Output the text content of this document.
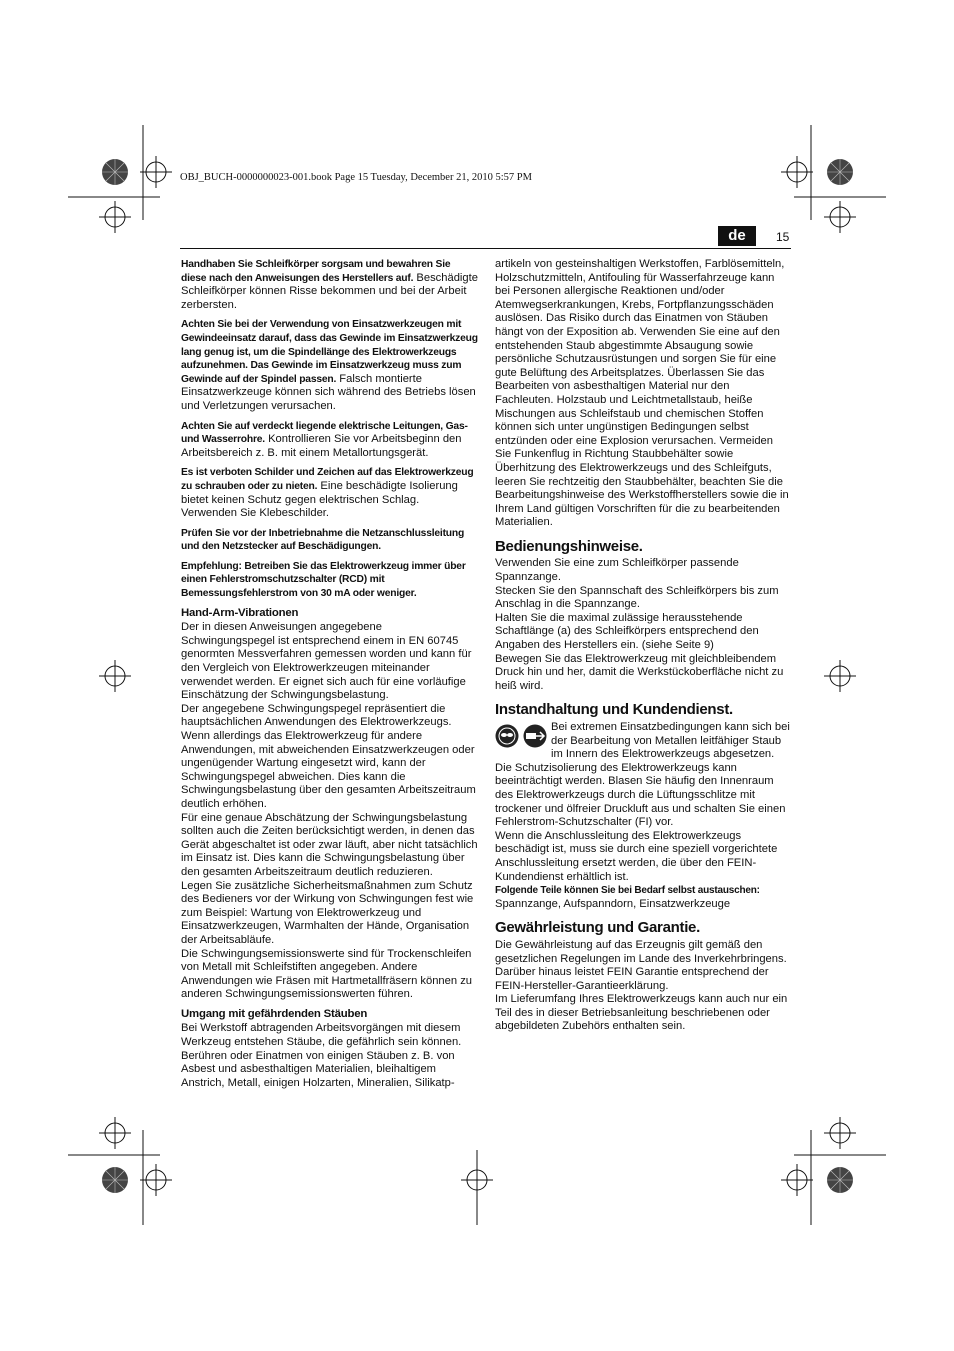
OBJ_BUCH-0000000023-001.book Page 15 Tuesday, December 21, 2010 5:57 PM
de	15

Handhaben Sie Schleifkörper sorgsam und bewahren Sie diese nach den Anweisungen des Herstellers auf. Beschädigte Schleifkörper können Risse bekommen und bei der Arbeit zerbersten.

Achten Sie bei der Verwendung von Einsatzwerkzeugen mit Gewindeeinsatz darauf, dass das Gewinde im Einsatzwerkzeug lang genug ist, um die Spindellänge des Elektrowerkzeugs aufzunehmen. Das Gewinde im Einsatzwerkzeug muss zum Gewinde auf der Spindel passen. Falsch montierte Einsatzwerkzeuge können sich während des Betriebs lösen und Verletzungen verursachen.

Achten Sie auf verdeckt liegende elektrische Leitungen, Gas- und Wasserrohre. Kontrollieren Sie vor Arbeitsbeginn den Arbeitsbereich z. B. mit einem Metallortungsgerät.

Es ist verboten Schilder und Zeichen auf das Elektrowerkzeug zu schrauben oder zu nieten. Eine beschädigte Isolierung bietet keinen Schutz gegen elektrischen Schlag. Verwenden Sie Klebeschilder.

Prüfen Sie vor der Inbetriebnahme die Netzanschlussleitung und den Netzstecker auf Beschädigungen.

Empfehlung: Betreiben Sie das Elektrowerkzeug immer über einen Fehlerstromschutzschalter (RCD) mit Bemessungsfehlerstrom von 30 mA oder weniger.

Hand-Arm-Vibrationen

Der in diesen Anweisungen angegebene Schwingungspegel ist entsprechend einem in EN 60745 genormten Messverfahren gemessen worden und kann für den Vergleich von Elektrowerkzeugen miteinander verwendet werden. Er eignet sich auch für eine vorläufige Einschätzung der Schwingungsbelastung.

Der angegebene Schwingungspegel repräsentiert die hauptsächlichen Anwendungen des Elektrowerkzeugs. Wenn allerdings das Elektrowerkzeug für andere Anwendungen, mit abweichenden Einsatzwerkzeugen oder ungenügender Wartung eingesetzt wird, kann der Schwingungspegel abweichen. Dies kann die Schwingungsbelastung über den gesamten Arbeitszeitraum deutlich erhöhen.

Für eine genaue Abschätzung der Schwingungsbelastung sollten auch die Zeiten berücksichtigt werden, in denen das Gerät abgeschaltet ist oder zwar läuft, aber nicht tatsächlich im Einsatz ist. Dies kann die Schwingungsbelastung über den gesamten Arbeitszeitraum deutlich reduzieren.

Legen Sie zusätzliche Sicherheitsmaßnahmen zum Schutz des Bedieners vor der Wirkung von Schwingungen fest wie zum Beispiel: Wartung von Elektrowerkzeug und Einsatzwerkzeugen, Warmhalten der Hände, Organisation der Arbeitsabläufe.

Die Schwingungsemissionswerte sind für Trockenschleifen von Metall mit Schleifstiften angegeben. Andere Anwendungen wie Fräsen mit Hartmetallfräsern können zu anderen Schwingungsemissionswerten führen.

Umgang mit gefährdenden Stäuben

Bei Werkstoff abtragenden Arbeitsvorgängen mit diesem Werkzeug entstehen Stäube, die gefährlich sein können. Berühren oder Einatmen von einigen Stäuben z. B. von Asbest und asbesthaltigen Materialien, bleihaltigem Anstrich, Metall, einigen Holzarten, Mineralien, Silikatp-

artikeln von gesteinshaltigen Werkstoffen, Farblösemitteln, Holzschutzmitteln, Antifouling für Wasserfahrzeuge kann bei Personen allergische Reaktionen und/oder Atemwegserkrankungen, Krebs, Fortpflanzungsschäden auslösen. Das Risiko durch das Einatmen von Stäuben hängt von der Exposition ab. Verwenden Sie eine auf den entstehenden Staub abgestimmte Absaugung sowie persönliche Schutzausrüstungen und sorgen Sie für eine gute Belüftung des Arbeitsplatzes. Überlassen Sie das Bearbeiten von asbesthaltigen Material nur den Fachleuten. Holzstaub und Leichtmetallstaub, heiße Mischungen aus Schleifstaub und chemischen Stoffen können sich unter ungünstigen Bedingungen selbst entzünden oder eine Explosion verursachen. Vermeiden Sie Funkenflug in Richtung Staubbehälter sowie Überhitzung des Elektrowerkzeugs und des Schleifguts, leeren Sie rechtzeitig den Staubbehälter, beachten Sie die Bearbeitungshinweise des Werkstoffherstellers sowie die in Ihrem Land gültigen Vorschriften für die zu bearbeitenden Materialien.

Bedienungshinweise.

Verwenden Sie eine zum Schleifkörper passende Spannzange.

Stecken Sie den Spannschaft des Schleifkörpers bis zum Anschlag in die Spannzange.

Halten Sie die maximal zulässige herausstehende Schaftlänge (a) des Schleifkörpers entsprechend den Angaben des Herstellers ein. (siehe Seite 9)

Bewegen Sie das Elektrowerkzeug mit gleichbleibendem Druck hin und her, damit die Werkstückoberfläche nicht zu heiß wird.

Instandhaltung und Kundendienst.

Bei extremen Einsatzbedingungen kann sich bei der Bearbeitung von Metallen leitfähiger Staub im Innern des Elektrowerkzeugs abgesetzen. Die Schutzisolierung des Elektrowerkzeugs kann beeinträchtigt werden. Blasen Sie häufig den Innenraum des Elektrowerkzeugs durch die Lüftungsschlitze mit trockener und ölfreier Druckluft aus und schalten Sie einen Fehlerstrom-Schutzschalter (FI) vor.

Wenn die Anschlussleitung des Elektrowerkzeugs beschädigt ist, muss sie durch eine speziell vorgerichtete Anschlussleitung ersetzt werden, die über den FEIN-Kundendienst erhältlich ist.

Folgende Teile können Sie bei Bedarf selbst austauschen:

Spannzange, Aufspanndorn, Einsatzwerkzeuge

Gewährleistung und Garantie.

Die Gewährleistung auf das Erzeugnis gilt gemäß den gesetzlichen Regelungen im Lande des Inverkehrbringens. Darüber hinaus leistet FEIN Garantie entsprechend der FEIN-Hersteller-Garantieerklärung.

Im Lieferumfang Ihres Elektrowerkzeugs kann auch nur ein Teil des in dieser Betriebsanleitung beschriebenen oder abgebildeten Zubehörs enthalten sein.
